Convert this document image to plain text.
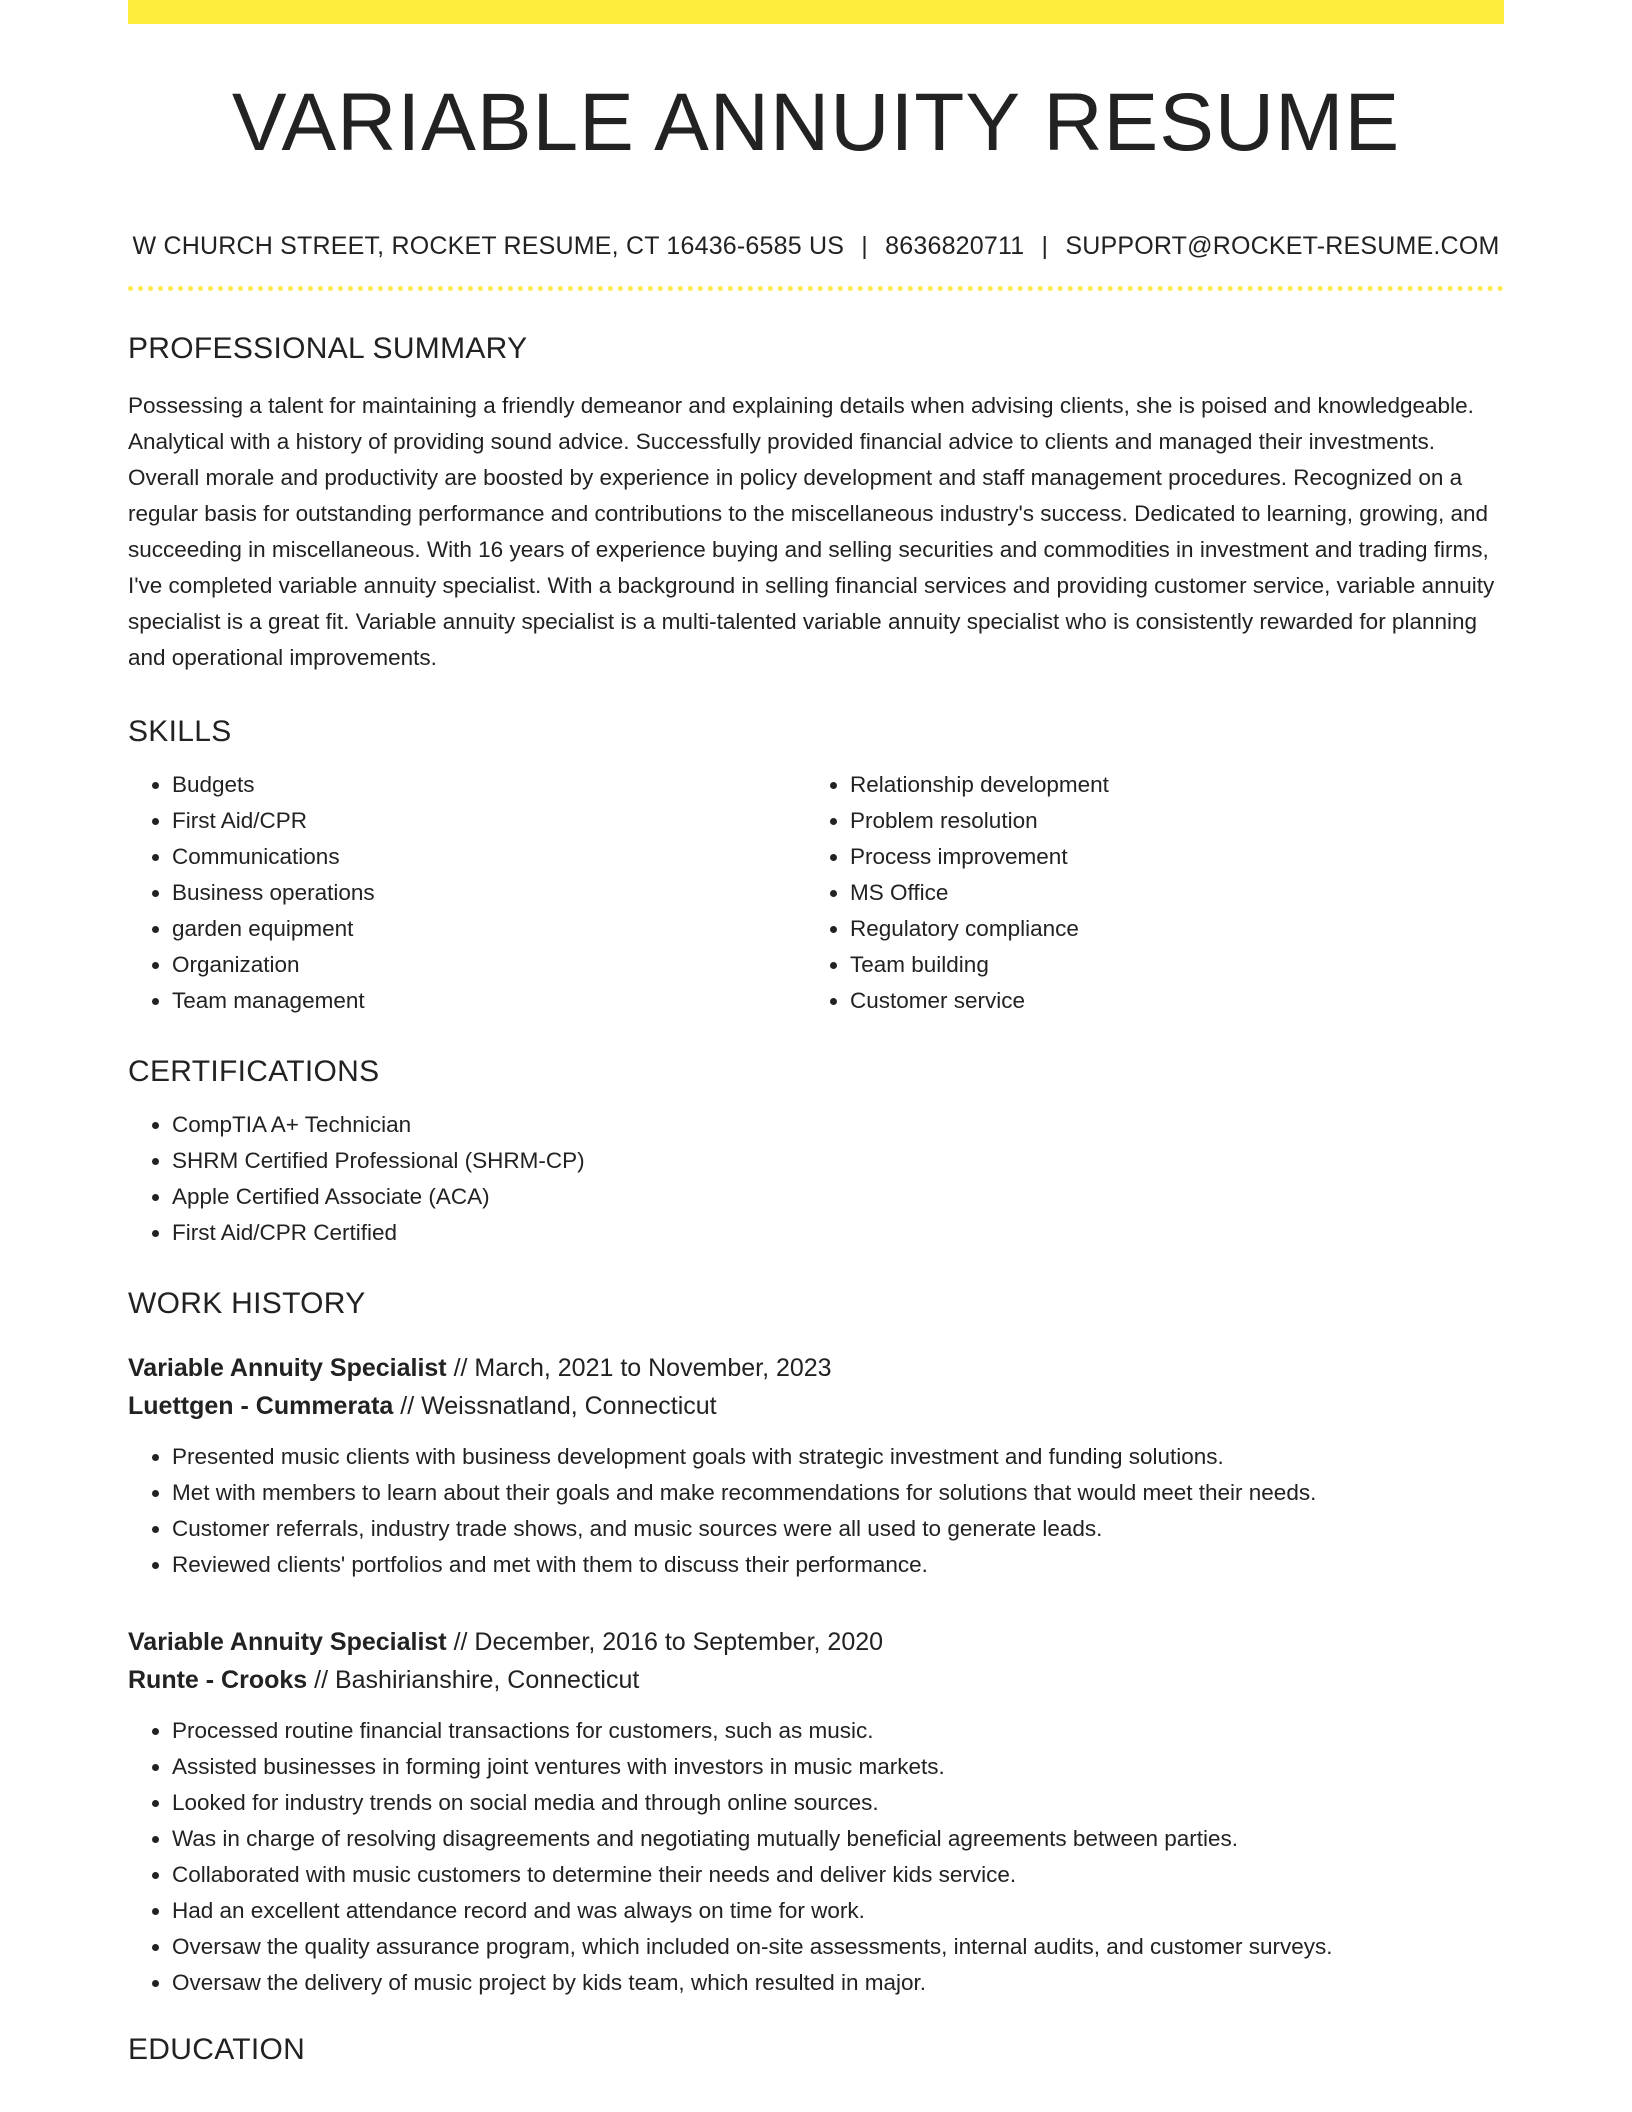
VARIABLE ANNUITY RESUME
W CHURCH STREET, ROCKET RESUME, CT 16436-6585 US | 8636820711 | SUPPORT@ROCKET-RESUME.COM
PROFESSIONAL SUMMARY

Possessing a talent for maintaining a friendly demeanor and explaining details when advising clients, she is poised and knowledgeable. Analytical with a history of providing sound advice. Successfully provided financial advice to clients and managed their investments. Overall morale and productivity are boosted by experience in policy development and staff management procedures. Recognized on a regular basis for outstanding performance and contributions to the miscellaneous industry's success. Dedicated to learning, growing, and succeeding in miscellaneous. With 16 years of experience buying and selling securities and commodities in investment and trading firms, I've completed variable annuity specialist. With a background in selling financial services and providing customer service, variable annuity specialist is a great fit. Variable annuity specialist is a multi-talented variable annuity specialist who is consistently rewarded for planning and operational improvements.

SKILLS
• Budgets
• First Aid/CPR
• Communications
• Business operations
• garden equipment
• Organization
• Team management
• Relationship development
• Problem resolution
• Process improvement
• MS Office
• Regulatory compliance
• Team building
• Customer service
CERTIFICATIONS
• CompTIA A+ Technician
• SHRM Certified Professional (SHRM-CP)
• Apple Certified Associate (ACA)
• First Aid/CPR Certified
WORK HISTORY
Variable Annuity Specialist // March, 2021 to November, 2023
Luettgen - Cummerata // Weissnatland, Connecticut
• Presented music clients with business development goals with strategic investment and funding solutions.
• Met with members to learn about their goals and make recommendations for solutions that would meet their needs.
• Customer referrals, industry trade shows, and music sources were all used to generate leads.
• Reviewed clients' portfolios and met with them to discuss their performance.
Variable Annuity Specialist // December, 2016 to September, 2020
Runte - Crooks // Bashirianshire, Connecticut
• Processed routine financial transactions for customers, such as music.
• Assisted businesses in forming joint ventures with investors in music markets.
• Looked for industry trends on social media and through online sources.
• Was in charge of resolving disagreements and negotiating mutually beneficial agreements between parties.
• Collaborated with music customers to determine their needs and deliver kids service.
• Had an excellent attendance record and was always on time for work.
• Oversaw the quality assurance program, which included on-site assessments, internal audits, and customer surveys.
• Oversaw the delivery of music project by kids team, which resulted in major.
EDUCATION
